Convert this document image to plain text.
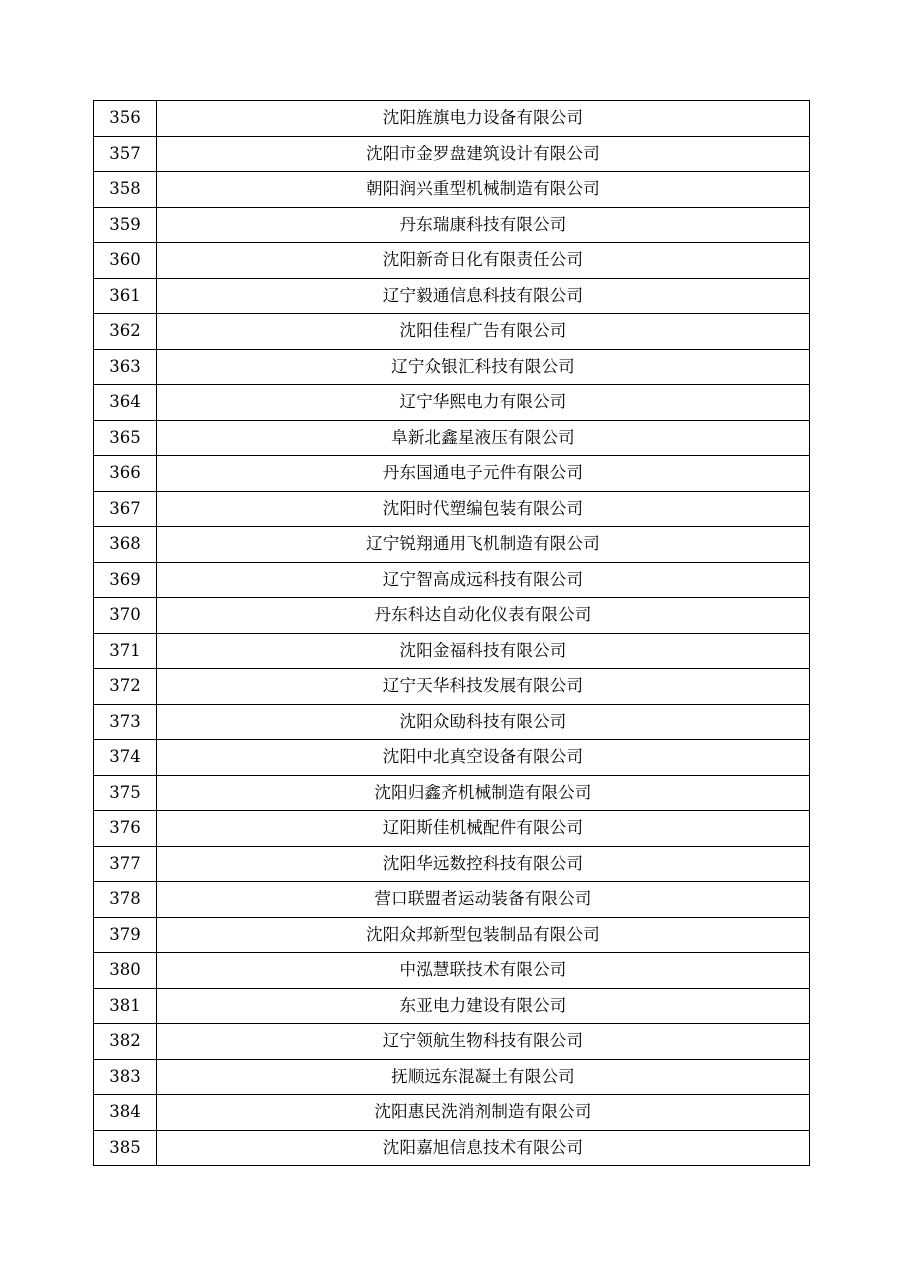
356	沈阳旌旗电力设备有限公司
357	沈阳市金罗盘建筑设计有限公司
358	朝阳润兴重型机械制造有限公司
359	丹东瑞康科技有限公司
360	沈阳新奇日化有限责任公司
361	辽宁毅通信息科技有限公司
362	沈阳佳程广告有限公司
363	辽宁众银汇科技有限公司
364	辽宁华熙电力有限公司
365	阜新北鑫星液压有限公司
366	丹东国通电子元件有限公司
367	沈阳时代塑编包装有限公司
368	辽宁锐翔通用飞机制造有限公司
369	辽宁智高成远科技有限公司
370	丹东科达自动化仪表有限公司
371	沈阳金福科技有限公司
372	辽宁天华科技发展有限公司
373	沈阳众劻科技有限公司
374	沈阳中北真空设备有限公司
375	沈阳归鑫齐机械制造有限公司
376	辽阳斯佳机械配件有限公司
377	沈阳华远数控科技有限公司
378	营口联盟者运动装备有限公司
379	沈阳众邦新型包装制品有限公司
380	中泓慧联技术有限公司
381	东亚电力建设有限公司
382	辽宁领航生物科技有限公司
383	抚顺远东混凝土有限公司
384	沈阳惠民洗消剂制造有限公司
385	沈阳嘉旭信息技术有限公司
